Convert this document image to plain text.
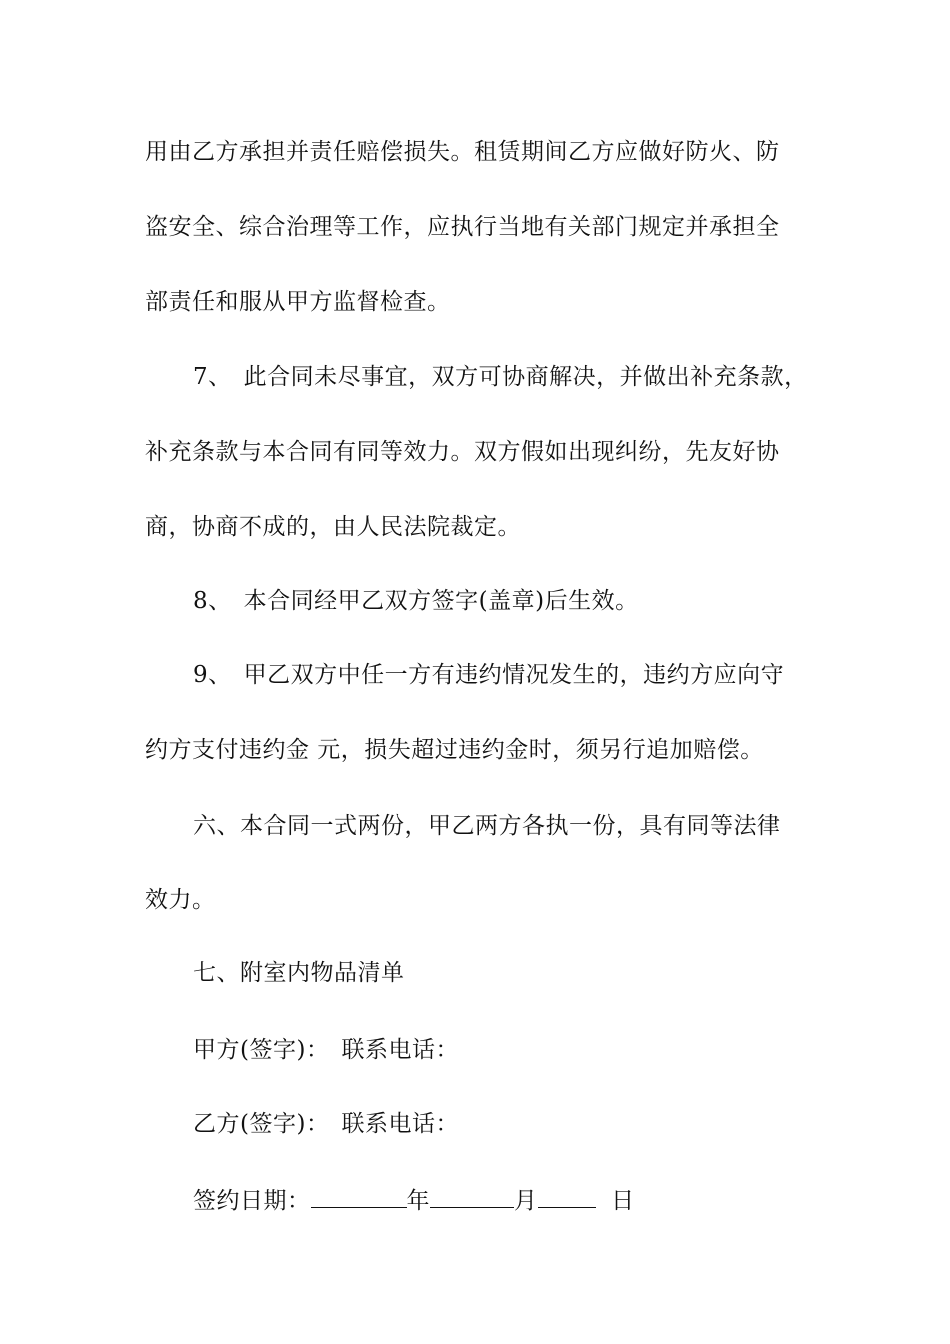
用由乙方承担并责任赔偿损失。租赁期间乙方应做好防火、防
盗安全、综合治理等工作，应执行当地有关部门规定并承担全
部责任和服从甲方监督检查。
7、　此合同未尽事宜，双方可协商解决，并做出补充条款，
补充条款与本合同有同等效力。双方假如出现纠纷，先友好协
商，协商不成的，由人民法院裁定。
8、　本合同经甲乙双方签字(盖章)后生效。
9、　甲乙双方中任一方有违约情况发生的，违约方应向守
约方支付违约金 元，损失超过违约金时，须另行追加赔偿。
六、本合同一式两份，甲乙两方各执一份，具有同等法律
效力。
七、附室内物品清单
甲方(签字)：　联系电话：
乙方(签字)：　联系电话：
签约日期：	年	月	日
